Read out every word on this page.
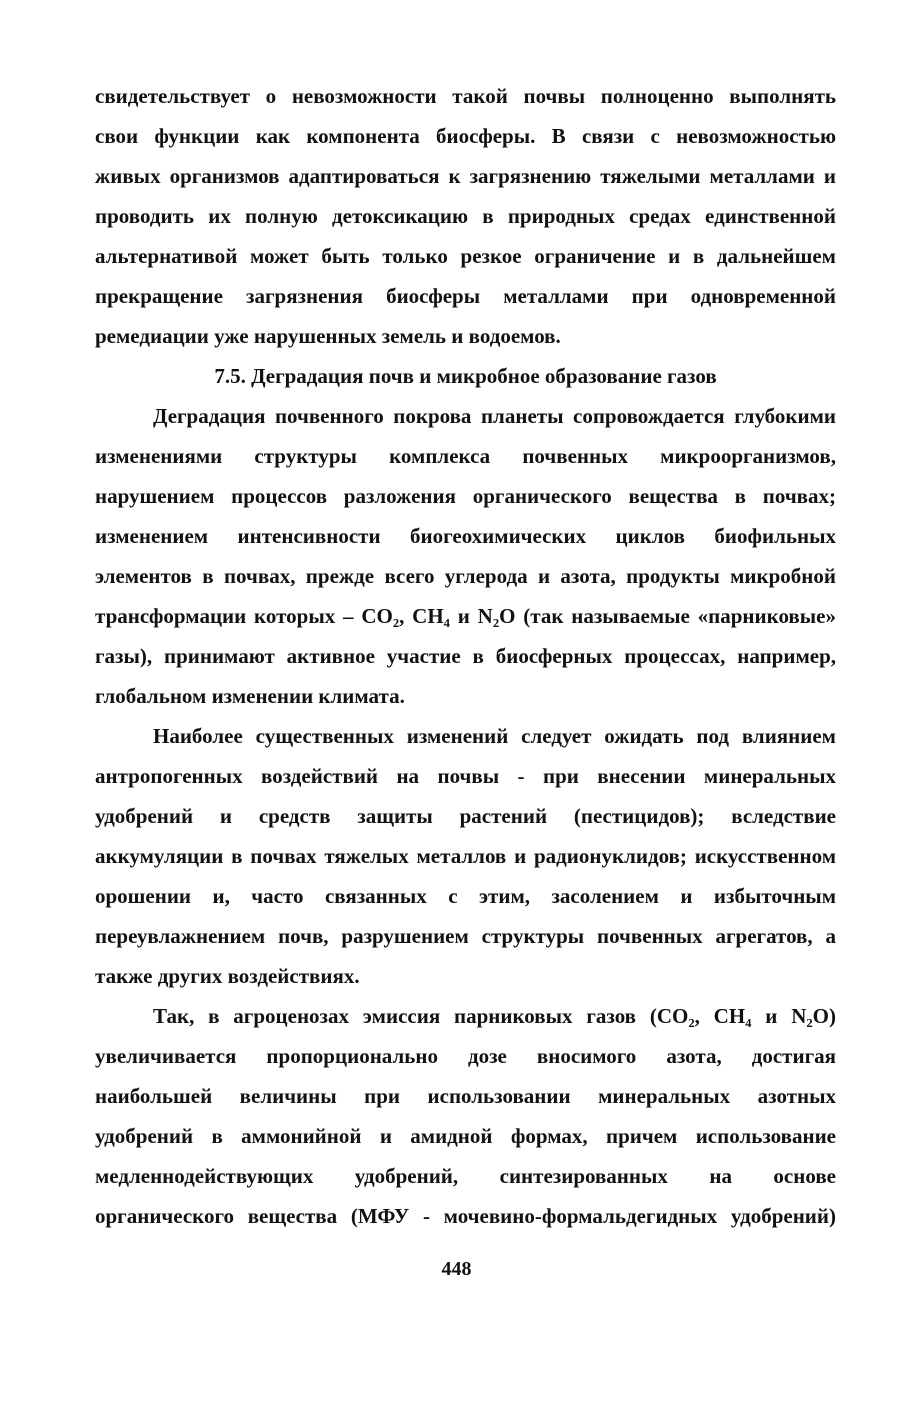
свидетельствует о невозможности такой почвы полноценно выполнять
свои функции как компонента биосферы. В связи с невозможностью
живых организмов адаптироваться к загрязнению тяжелыми металлами и
проводить их полную детоксикацию в природных средах единственной
альтернативой может быть только резкое ограничение и в дальнейшем
прекращение загрязнения биосферы металлами при одновременной
ремедиации уже нарушенных земель и водоемов.
7.5. Деградация почв и микробное образование газов
Деградация почвенного покрова планеты сопровождается глубокими
изменениями структуры комплекса почвенных микроорганизмов,
нарушением процессов разложения органического вещества в почвах;
изменением интенсивности биогеохимических циклов биофильных
элементов в почвах, прежде всего углерода и азота, продукты микробной
трансформации которых – CO₂, CH₄ и N₂O (так называемые «парниковые»
газы), принимают активное участие в биосферных процессах, например,
глобальном изменении климата.
Наиболее существенных изменений следует ожидать под влиянием
антропогенных воздействий на почвы - при внесении минеральных
удобрений и средств защиты растений (пестицидов); вследствие
аккумуляции в почвах тяжелых металлов и радионуклидов; искусственном
орошении и, часто связанных с этим, засолением и избыточным
переувлажнением почв, разрушением структуры почвенных агрегатов, а
также других воздействиях.
Так, в агроценозах эмиссия парниковых газов (CO₂, CH₄ и N₂O)
увеличивается пропорционально дозе вносимого азота, достигая
наибольшей величины при использовании минеральных азотных
удобрений в аммонийной и амидной формах, причем использование
медленнодействующих удобрений, синтезированных на основе
органического вещества (МФУ - мочевино-формальдегидных удобрений)
448
